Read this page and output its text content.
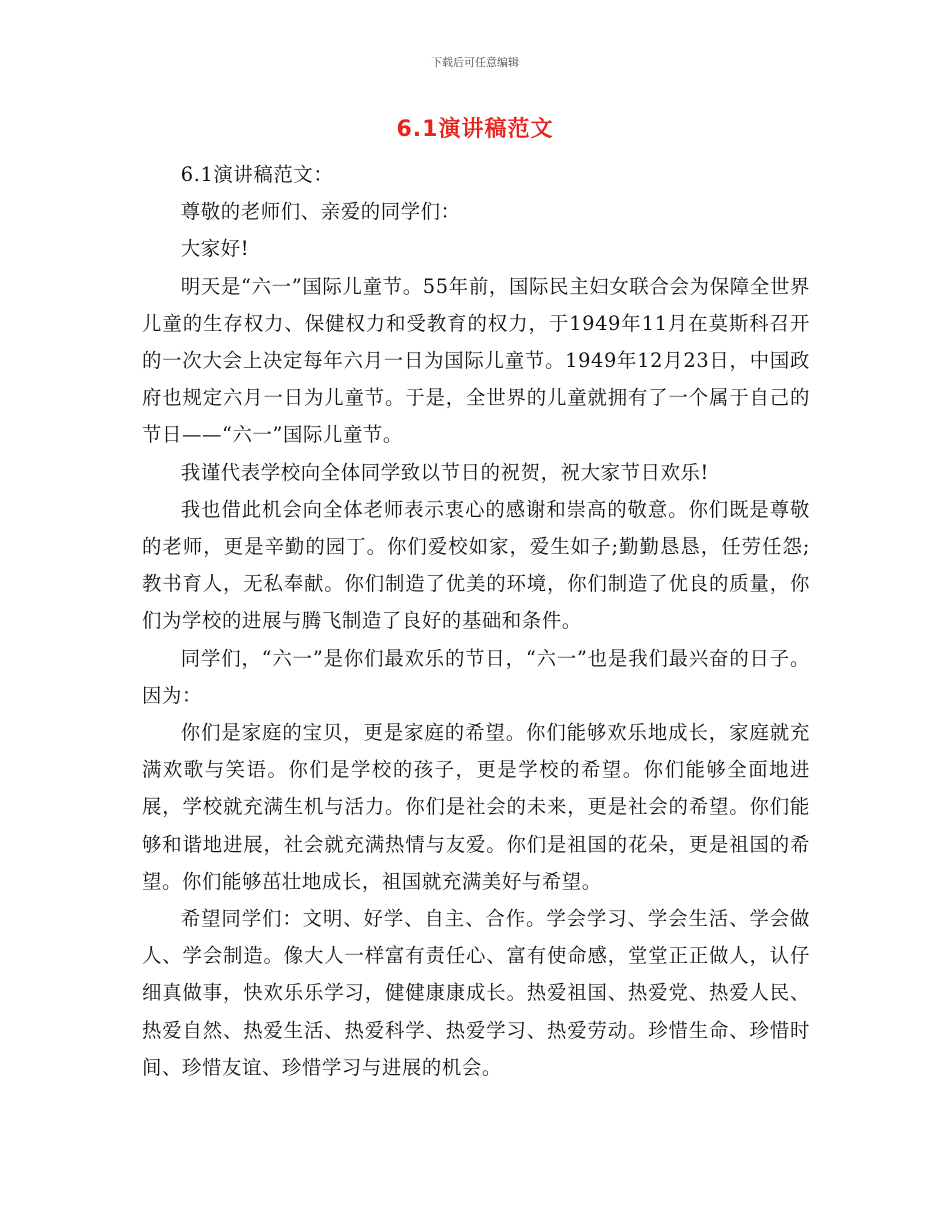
下载后可任意编辑
6.1演讲稿范文

6.1演讲稿范文：

尊敬的老师们、亲爱的同学们：

大家好!

明天是“六一”国际儿童节。55年前，国际民主妇女联合会为保障全世界儿童的生存权力、保健权力和受教育的权力，于1949年11月在莫斯科召开的一次大会上决定每年六月一日为国际儿童节。1949年12月23日，中国政府也规定六月一日为儿童节。于是，全世界的儿童就拥有了一个属于自己的节日——“六一”国际儿童节。

我谨代表学校向全体同学致以节日的祝贺，祝大家节日欢乐!

我也借此机会向全体老师表示衷心的感谢和崇高的敬意。你们既是尊敬的老师，更是辛勤的园丁。你们爱校如家，爱生如子;勤勤恳恳，任劳任怨;教书育人，无私奉献。你们制造了优美的环境，你们制造了优良的质量，你们为学校的进展与腾飞制造了良好的基础和条件。

同学们，“六一”是你们最欢乐的节日，“六一”也是我们最兴奋的日子。因为：

你们是家庭的宝贝，更是家庭的希望。你们能够欢乐地成长，家庭就充满欢歌与笑语。你们是学校的孩子，更是学校的希望。你们能够全面地进展，学校就充满生机与活力。你们是社会的未来，更是社会的希望。你们能够和谐地进展，社会就充满热情与友爱。你们是祖国的花朵，更是祖国的希望。你们能够茁壮地成长，祖国就充满美好与希望。

希望同学们：文明、好学、自主、合作。学会学习、学会生活、学会做人、学会制造。像大人一样富有责任心、富有使命感，堂堂正正做人，认仔细真做事，快欢乐乐学习，健健康康成长。热爱祖国、热爱党、热爱人民、热爱自然、热爱生活、热爱科学、热爱学习、热爱劳动。珍惜生命、珍惜时间、珍惜友谊、珍惜学习与进展的机会。
